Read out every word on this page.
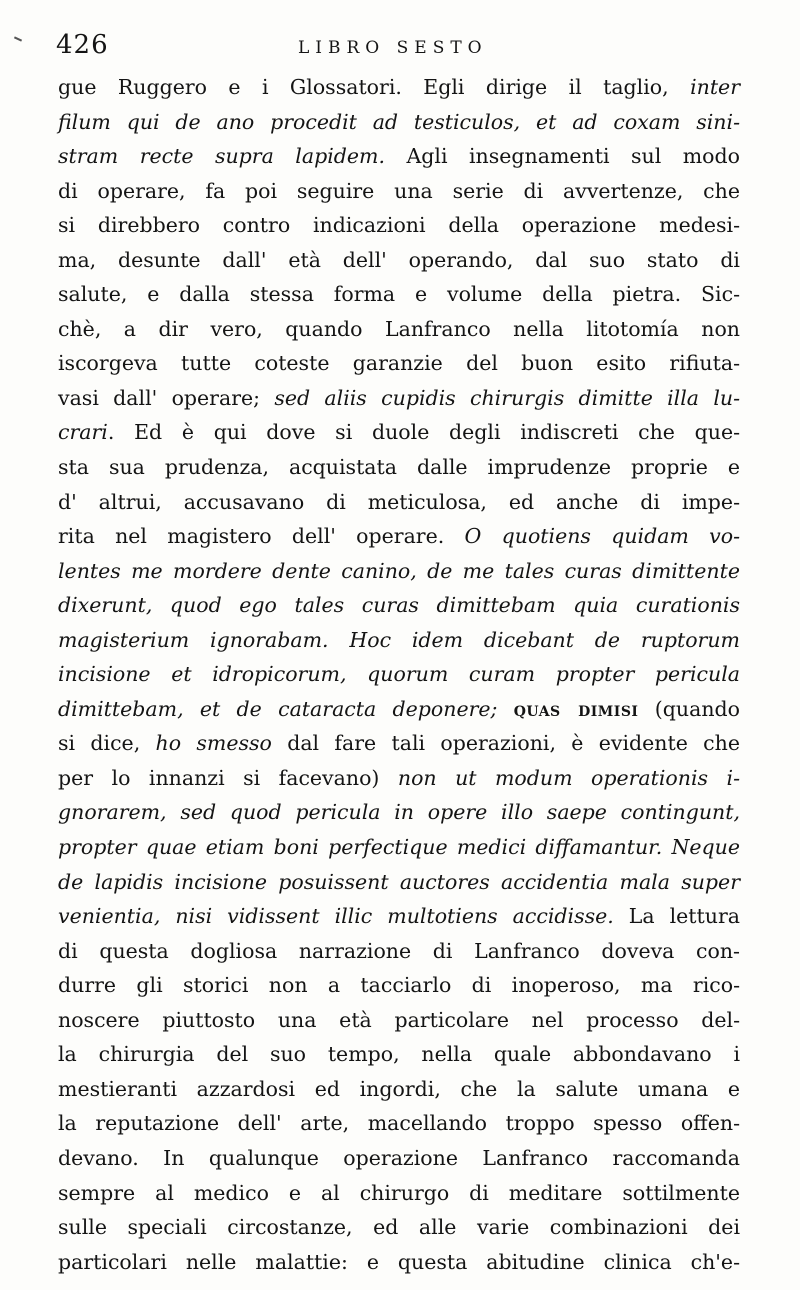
426	LIBRO SESTO
gue Ruggero e i Glossatori. Egli dirige il taglio, inter
filum qui de ano procedit ad testiculos, et ad coxam sini-
stram recte supra lapidem. Agli insegnamenti sul modo
di operare, fa poi seguire una serie di avvertenze, che
si direbbero contro indicazioni della operazione medesi-
ma, desunte dall' età dell' operando, dal suo stato di
salute, e dalla stessa forma e volume della pietra. Sic-
chè, a dir vero, quando Lanfranco nella litotomía non
iscorgeva tutte coteste garanzie del buon esito rifiuta-
vasi dall' operare; sed aliis cupidis chirurgis dimitte illa lu-
crari. Ed è qui dove si duole degli indiscreti che que-
sta sua prudenza, acquistata dalle imprudenze proprie e
d' altrui, accusavano di meticulosa, ed anche di impe-
rita nel magistero dell' operare. O quotiens quidam vo-
lentes me mordere dente canino, de me tales curas dimittente
dixerunt, quod ego tales curas dimittebam quia curationis
magisterium ignorabam. Hoc idem dicebant de ruptorum
incisione et idropicorum, quorum curam propter pericula
dimittebam, et de cataracta deponere; quas dimisi (quando
si dice, ho smesso dal fare tali operazioni, è evidente che
per lo innanzi si facevano) non ut modum operationis i-
gnorarem, sed quod pericula in opere illo saepe contingunt,
propter quae etiam boni perfectique medici diffamantur. Neque
de lapidis incisione posuissent auctores accidentia mala super
venientia, nisi vidissent illic multotiens accidisse. La lettura
di questa dogliosa narrazione di Lanfranco doveva con-
durre gli storici non a tacciarlo di inoperoso, ma rico-
noscere piuttosto una età particolare nel processo del-
la chirurgia del suo tempo, nella quale abbondavano i
mestieranti azzardosi ed ingordi, che la salute umana e
la reputazione dell' arte, macellando troppo spesso offen-
devano. In qualunque operazione Lanfranco raccomanda
sempre al medico e al chirurgo di meditare sottilmente
sulle speciali circostanze, ed alle varie combinazioni dei
particolari nelle malattie: e questa abitudine clinica ch'e-
